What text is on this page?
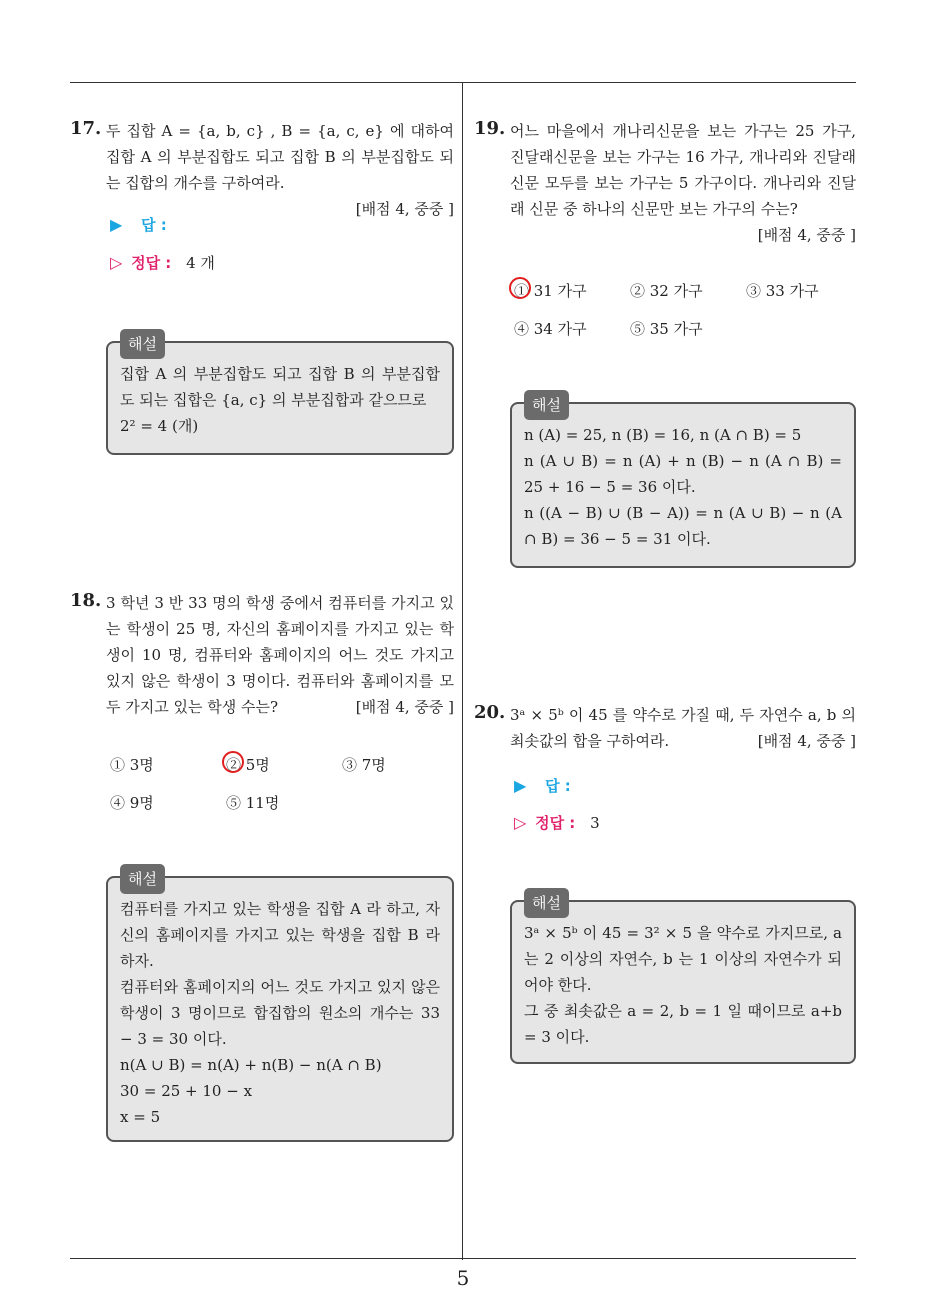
17. 두 집합 A = {a, b, c} , B = {a, c, e} 에 대하여 집합 A 의 부분집합도 되고 집합 B 의 부분집합도 되는 집합의 개수를 구하여라.
[배점 4, 중중 ]
▶ 답 :
▷ 정답 : 4 개
해설

집합 A 의 부분집합도 되고 집합 B 의 부분집합도 되는 집합은 {a, c} 의 부분집합과 같으므로

2² = 4 (개)

18. 3 학년 3 반 33 명의 학생 중에서 컴퓨터를 가지고 있는 학생이 25 명, 자신의 홈페이지를 가지고 있는 학생이 10 명, 컴퓨터와 홈페이지의 어느 것도 가지고 있지 않은 학생이 3 명이다. 컴퓨터와 홈페이지를 모두 가지고 있는 학생 수는?	[배점 4, 중중 ]
① 3명	② 5명	③ 7명
④ 9명	⑤ 11명
해설

컴퓨터를 가지고 있는 학생을 집합 A 라 하고, 자신의 홈페이지를 가지고 있는 학생을 집합 B 라 하자.

컴퓨터와 홈페이지의 어느 것도 가지고 있지 않은 학생이 3 명이므로 합집합의 원소의 개수는 33 − 3 = 30 이다.

n(A ∪ B) = n(A) + n(B) − n(A ∩ B)

30 = 25 + 10 − x

x = 5

19. 어느 마을에서 개나리신문을 보는 가구는 25 가구, 진달래신문을 보는 가구는 16 가구, 개나리와 진달래 신문 모두를 보는 가구는 5 가구이다. 개나리와 진달래 신문 중 하나의 신문만 보는 가구의 수는?
[배점 4, 중중 ]
① 31 가구	② 32 가구	③ 33 가구
④ 34 가구	⑤ 35 가구
해설

n (A) = 25, n (B) = 16, n (A ∩ B) = 5

n (A ∪ B) = n (A) + n (B) − n (A ∩ B) = 25 + 16 − 5 = 36 이다.

n ((A − B) ∪ (B − A)) = n (A ∪ B) − n (A ∩ B) = 36 − 5 = 31 이다.

20. 3ᵃ × 5ᵇ 이 45 를 약수로 가질 때, 두 자연수 a, b 의 최솟값의 합을 구하여라.	[배점 4, 중중 ]
▶ 답 :
▷ 정답 : 3
해설

3ᵃ × 5ᵇ 이 45 = 3² × 5 을 약수로 가지므로, a 는 2 이상의 자연수, b 는 1 이상의 자연수가 되어야 한다.

그 중 최솟값은 a = 2, b = 1 일 때이므로 a+b = 3 이다.

5
